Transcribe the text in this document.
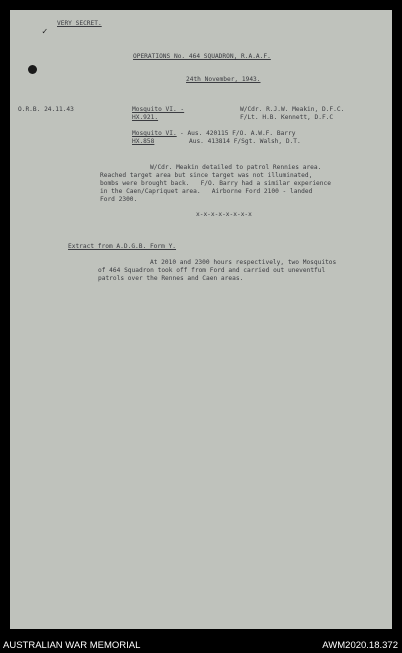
✓
VERY SECRET.
OPERATIONS No. 464 SQUADRON, R.A.A.F.
24th November, 1943.
O.R.B. 24.11.43	Mosquito VI. -
HX.921.
W/Cdr. R.J.W. Meakin, D.F.C.
F/Lt. H.B. Kennett, D.F.C
Mosquito VI.
HX.858
- Aus. 420115 F/O. A.W.F. Barry
Aus. 413814 F/Sgt. Walsh, D.T.
W/Cdr. Meakin detailed to patrol Rennies area.
Reached target area but since target was not illuminated,
bombs were brought back.   F/O. Barry had a similar experience
in the Caen/Capriquet area.   Airborne Ford 2100 - landed
Ford 2300.
x-x-x-x-x-x-x-x
Extract from A.D.G.B. Form Y.
At 2010 and 2300 hours respectively, two Mosquitos
of 464 Squadron took off from Ford and carried out uneventful
patrols over the Rennes and Caen areas.
AUSTRALIAN WAR MEMORIAL	AWM2020.18.372
